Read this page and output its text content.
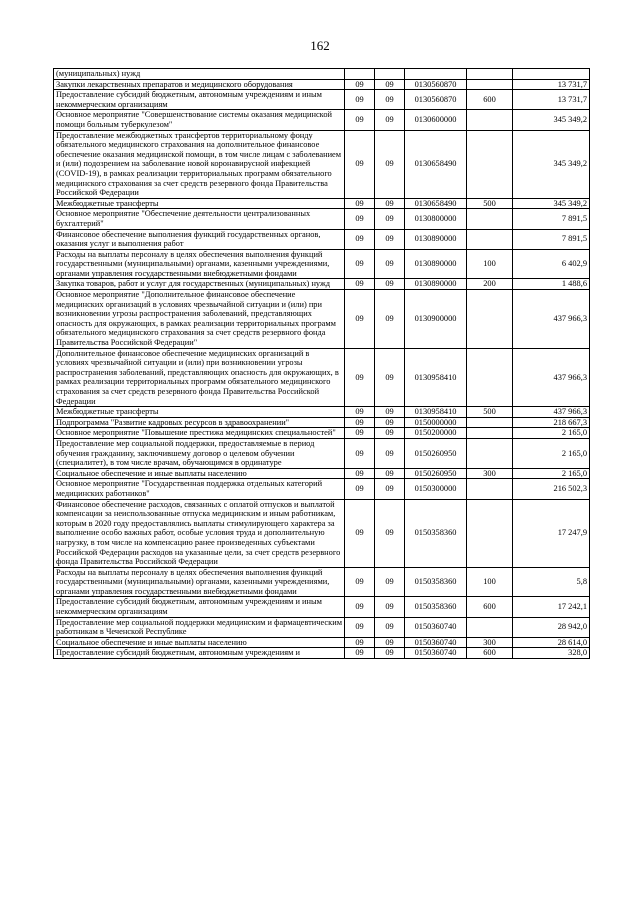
162
(муниципальных) нужд					
Закупки лекарственных препаратов и медицинского оборудования	09	09	0130560870		13 731,7
Предоставление субсидий бюджетным, автономным учреждениям и иным некоммерческим организациям	09	09	0130560870	600	13 731,7
Основное мероприятие "Совершенствование системы оказания медицинской помощи больным туберкулезом"	09	09	0130600000		345 349,2
Предоставление межбюджетных трансфертов территориальному фонду обязательного медицинского страхования на дополнительное финансовое обеспечение оказания медицинской помощи, в том числе лицам с заболеванием и (или) подозрением на заболевание новой коронавирусной инфекцией (COVID-19), в рамках реализации территориальных программ обязательного медицинского страхования за счет средств резервного фонда Правительства Российской Федерации	09	09	0130658490		345 349,2
Межбюджетные трансферты	09	09	0130658490	500	345 349,2
Основное мероприятие "Обеспечение деятельности централизованных бухгалтерий"	09	09	0130800000		7 891,5
Финансовое обеспечение выполнения функций государственных органов, оказания услуг и выполнения работ	09	09	0130890000		7 891,5
Расходы на выплаты персоналу в целях обеспечения выполнения функций государственными (муниципальными) органами, казенными учреждениями, органами управления государственными внебюджетными фондами	09	09	0130890000	100	6 402,9
Закупка товаров, работ и услуг для государственных (муниципальных) нужд	09	09	0130890000	200	1 488,6
Основное мероприятие "Дополнительное финансовое обеспечение медицинских организаций в условиях чрезвычайной ситуации и (или) при возникновении угрозы распространения заболеваний, представляющих опасность для окружающих, в рамках реализации территориальных программ обязательного медицинского страхования за счет средств резервного фонда Правительства Российской Федерации"	09	09	0130900000		437 966,3
Дополнительное финансовое обеспечение медицинских организаций в условиях чрезвычайной ситуации и (или) при возникновении угрозы распространения заболеваний, представляющих опасность для окружающих, в рамках реализации территориальных программ обязательного медицинского страхования за счет средств резервного фонда Правительства Российской Федерации	09	09	0130958410		437 966,3
Межбюджетные трансферты	09	09	0130958410	500	437 966,3
Подпрограмма "Развитие кадровых ресурсов в здравоохранении"	09	09	0150000000		218 667,3
Основное мероприятие "Повышение престижа медицинских специальностей"	09	09	0150200000		2 165,0
Предоставление мер социальной поддержки, предоставляемые в период обучения гражданину, заключившему договор о целевом обучении (специалитет), в том числе врачам, обучающимся в ординатуре	09	09	0150260950		2 165,0
Социальное обеспечение и иные выплаты населению	09	09	0150260950	300	2 165,0
Основное мероприятие "Государственная поддержка отдельных категорий медицинских работников"	09	09	0150300000		216 502,3
Финансовое обеспечение расходов, связанных с оплатой отпусков и выплатой компенсации за неиспользованные отпуска медицинским и иным работникам, которым в 2020 году предоставлялись выплаты стимулирующего характера за выполнение особо важных работ, особые условия труда и дополнительную нагрузку, в том числе на компенсацию ранее произведенных субъектами Российской Федерации расходов на указанные цели, за счет средств резервного фонда Правительства Российской Федерации	09	09	0150358360		17 247,9
Расходы на выплаты персоналу в целях обеспечения выполнения функций государственными (муниципальными) органами, казенными учреждениями, органами управления государственными внебюджетными фондами	09	09	0150358360	100	5,8
Предоставление субсидий бюджетным, автономным учреждениям и иным некоммерческим организациям	09	09	0150358360	600	17 242,1
Предоставление мер социальной поддержки медицинским и фармацевтическим работникам в Чеченской Республике	09	09	0150360740		28 942,0
Социальное обеспечение и иные выплаты населению	09	09	0150360740	300	28 614,0
Предоставление субсидий бюджетным, автономным учреждениям и	09	09	0150360740	600	328,0
